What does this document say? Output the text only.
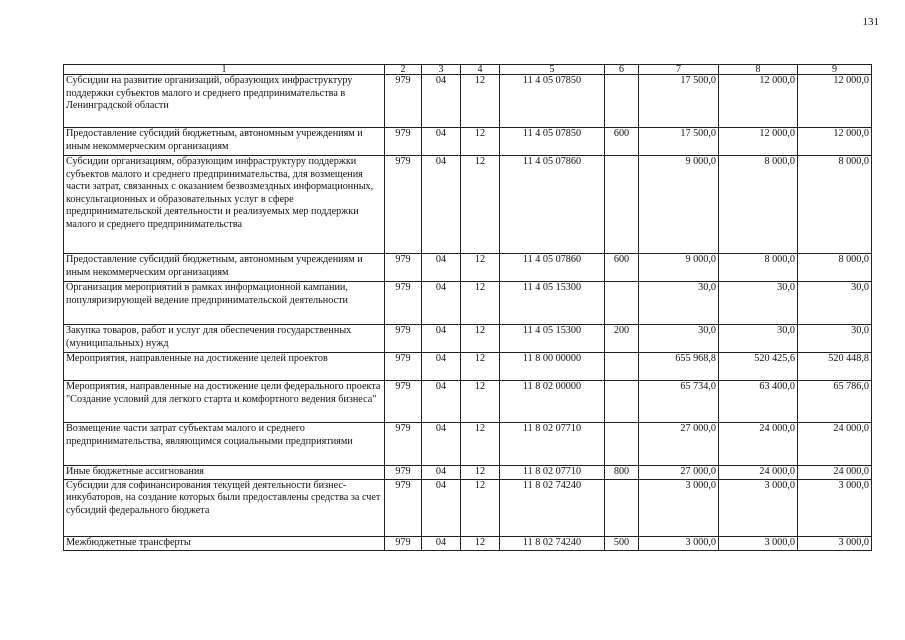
131
1	2	3	4	5	6	7	8	9
Субсидии на развитие организаций, образующих инфраструктуру поддержки субъектов малого и среднего предпринимательства в Ленинградской области	979	04	12	11 4 05 07850		17 500,0	12 000,0	12 000,0
Предоставление субсидий бюджетным, автономным учреждениям и иным некоммерческим организациям	979	04	12	11 4 05 07850	600	17 500,0	12 000,0	12 000,0
Субсидии организациям, образующим инфраструктуру поддержки субъектов малого и среднего предпринимательства, для возмещения части затрат, связанных с оказанием безвозмездных информационных, консультационных и образовательных услуг в сфере предпринимательской деятельности и реализуемых мер поддержки малого и среднего предпринимательства	979	04	12	11 4 05 07860		9 000,0	8 000,0	8 000,0
Предоставление субсидий бюджетным, автономным учреждениям и иным некоммерческим организациям	979	04	12	11 4 05 07860	600	9 000,0	8 000,0	8 000,0
Организация мероприятий в рамках информационной кампании, популяризирующей ведение предпринимательской деятельности	979	04	12	11 4 05 15300		30,0	30,0	30,0
Закупка товаров, работ и услуг для обеспечения государственных (муниципальных) нужд	979	04	12	11 4 05 15300	200	30,0	30,0	30,0
Мероприятия, направленные на достижение целей проектов	979	04	12	11 8 00 00000		655 968,8	520 425,6	520 448,8
Мероприятия, направленные на достижение цели федерального проекта "Создание условий для легкого старта и комфортного ведения бизнеса"	979	04	12	11 8 02 00000		65 734,0	63 400,0	65 786,0
Возмещение части затрат субъектам малого и среднего предпринимательства, являющимся социальными предприятиями	979	04	12	11 8 02 07710		27 000,0	24 000,0	24 000,0
Иные бюджетные ассигнования	979	04	12	11 8 02 07710	800	27 000,0	24 000,0	24 000,0
Субсидии для софинансирования текущей деятельности бизнес-инкубаторов, на создание которых были предоставлены средства за счет субсидий федерального бюджета	979	04	12	11 8 02 74240		3 000,0	3 000,0	3 000,0
Межбюджетные трансферты	979	04	12	11 8 02 74240	500	3 000,0	3 000,0	3 000,0
